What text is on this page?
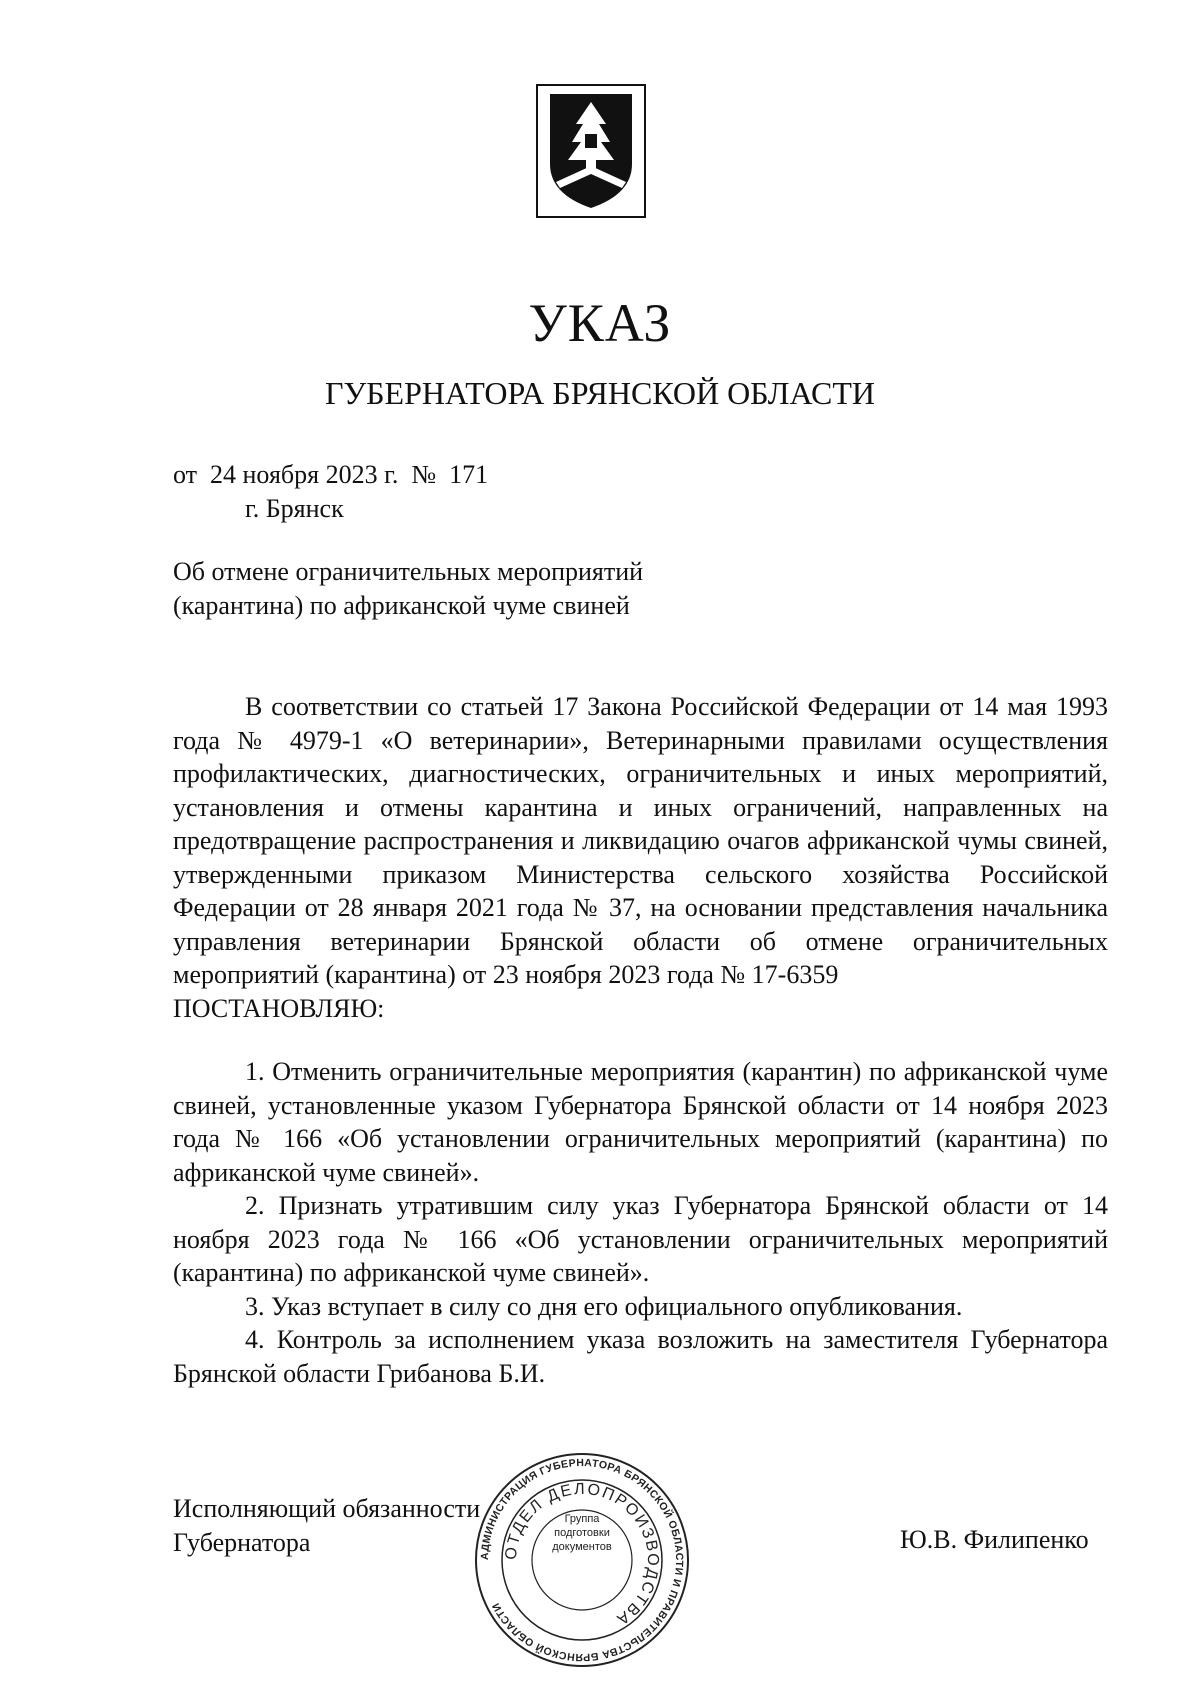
УКАЗ
ГУБЕРНАТОРА БРЯНСКОЙ ОБЛАСТИ
от  24 ноября 2023 г.  №  171
г. Брянск
Об отмене ограничительных мероприятий
(карантина) по африканской чуме свиней

В соответствии со статьей 17 Закона Российской Федерации от 14 мая 1993 года № 4979-1 «О ветеринарии», Ветеринарными правилами осуществления профилактических, диагностических, ограничительных и иных мероприятий, установления и отмены карантина и иных ограничений, направленных на предотвращение распространения и ликвидацию очагов африканской чумы свиней, утвержденными приказом Министерства сельского хозяйства Российской Федерации от 28 января 2021 года № 37, на основании представления начальника управления ветеринарии Брянской области об отмене ограничительных мероприятий (карантина) от 23 ноября 2023 года № 17-6359

ПОСТАНОВЛЯЮ:

1. Отменить ограничительные мероприятия (карантин) по африканской чуме свиней, установленные указом Губернатора Брянской области от 14 ноября 2023 года № 166 «Об установлении ограничительных мероприятий (карантина) по африканской чуме свиней».

2. Признать утратившим силу указ Губернатора Брянской области от 14 ноября 2023 года № 166 «Об установлении ограничительных мероприятий (карантина) по африканской чуме свиней».

3. Указ вступает в силу со дня его официального опубликования.

4. Контроль за исполнением указа возложить на заместителя Губернатора Брянской области Грибанова Б.И.

Исполняющий обязанности
Губернатора	АДМИНИСТРАЦИЯ ГУБЕРНАТОРА БРЯНСКОЙ ОБЛАСТИ И ПРАВИТЕЛЬСТВА БРЯНСКОЙ ОБЛАСТИ
ОТДЕЛ ДЕЛОПРОИЗВОДСТВА
Группа подготовки документов	Ю.В. Филипенко
